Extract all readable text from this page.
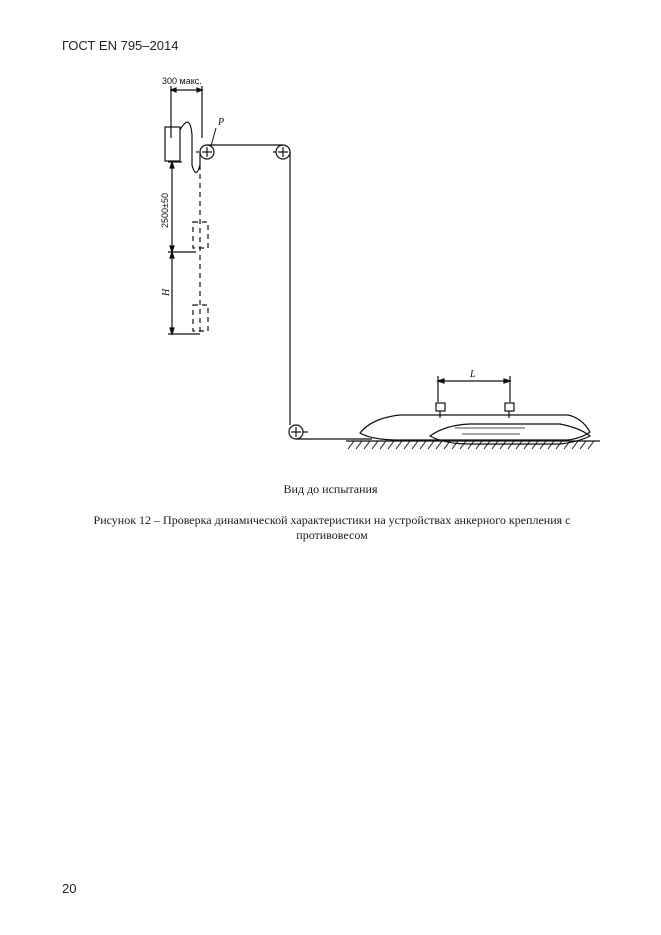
ГОСТ EN 795–2014
300 макс.
P
2500±50
H
L
Вид до испытания
Рисунок 12 – Проверка динамической характеристики на устройствах анкерного крепления с противовесом
20
